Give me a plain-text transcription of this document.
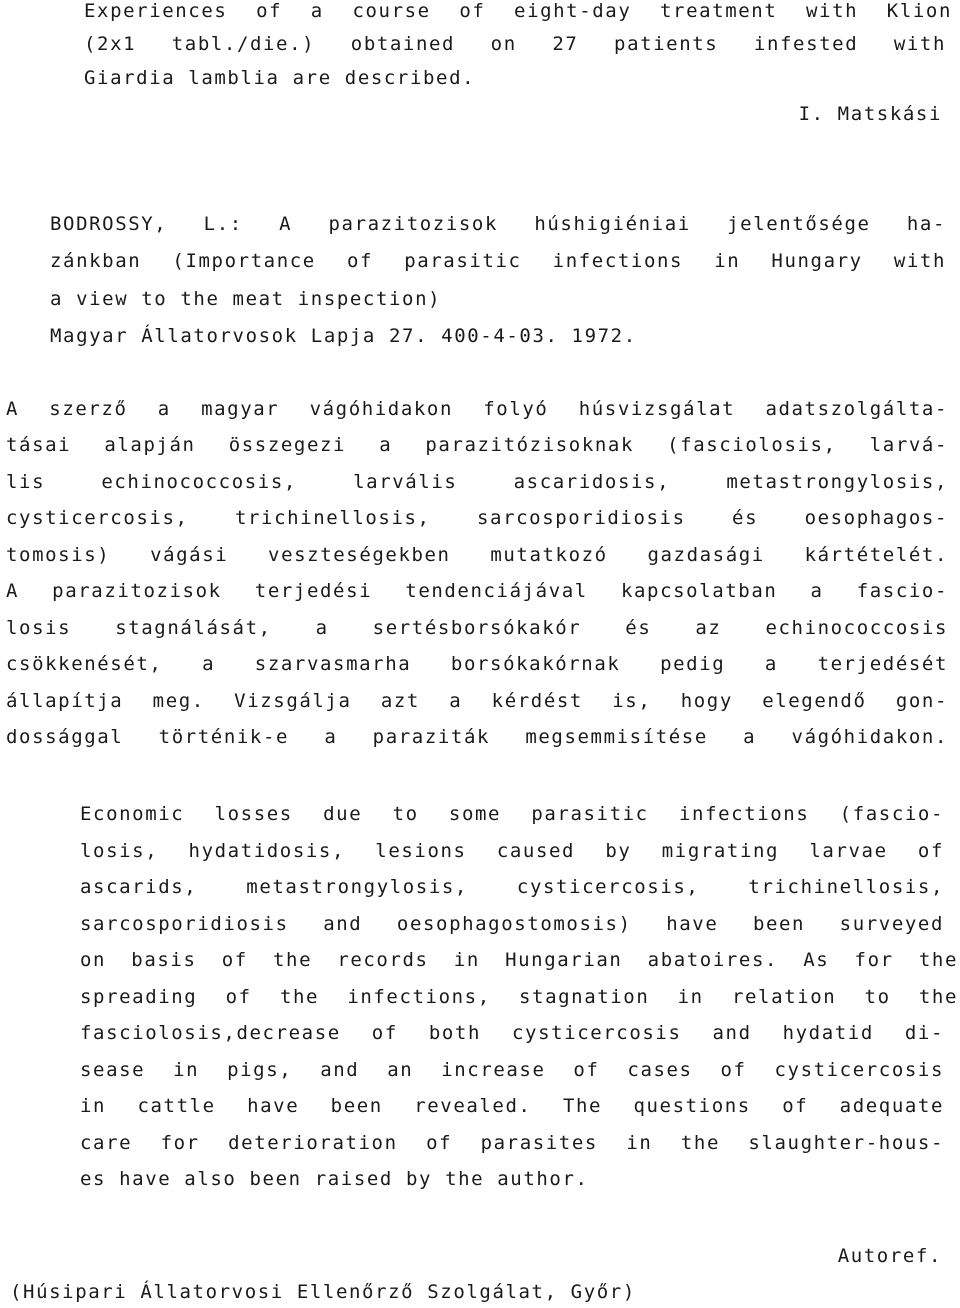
Experiences of a course of eight-day treatment with Klion
(2x1 tabl./die.) obtained on 27 patients infested with
Giardia lamblia are described.
I. Matskási
BODROSSY, L.: A parazitozisok húshigiéniai jelentősége ha-
zánkban (Importance of parasitic infections in Hungary with
a view to the meat inspection)
Magyar Állatorvosok Lapja 27. 400-4-03. 1972.
A szerző a magyar vágóhidakon folyó húsvizsgálat adatszolgálta-
tásai alapján összegezi a parazitózisoknak (fasciolosis, larvá-
lis echinococcosis, larvális ascaridosis, metastrongylosis,
cysticercosis, trichinellosis, sarcosporidiosis és oesophagos-
tomosis) vágási veszteségekben mutatkozó gazdasági kártételét.
A parazitozisok terjedési tendenciájával kapcsolatban a fascio-
losis stagnálását, a sertésborsókakór és az echinococcosis
csökkenését, a szarvasmarha borsókakórnak pedig a terjedését
állapítja meg. Vizsgálja azt a kérdést is, hogy elegendő gon-
dossággal történik-e a paraziták megsemmisítése a vágóhidakon.
Economic losses due to some parasitic infections (fascio-
losis, hydatidosis, lesions caused by migrating larvae of
ascarids, metastrongylosis, cysticercosis, trichinellosis,
sarcosporidiosis and oesophagostomosis) have been surveyed
on basis of the records in Hungarian abatoires. As for the
spreading of the infections, stagnation in relation to the
fasciolosis,decrease of both cysticercosis and hydatid di-
sease in pigs, and an increase of cases of cysticercosis
in cattle have been revealed. The questions of adequate
care for deterioration of parasites in the slaughter-hous-
es have also been raised by the author.
Autoref.
(Húsipari Állatorvosi Ellenőrző Szolgálat, Győr)
